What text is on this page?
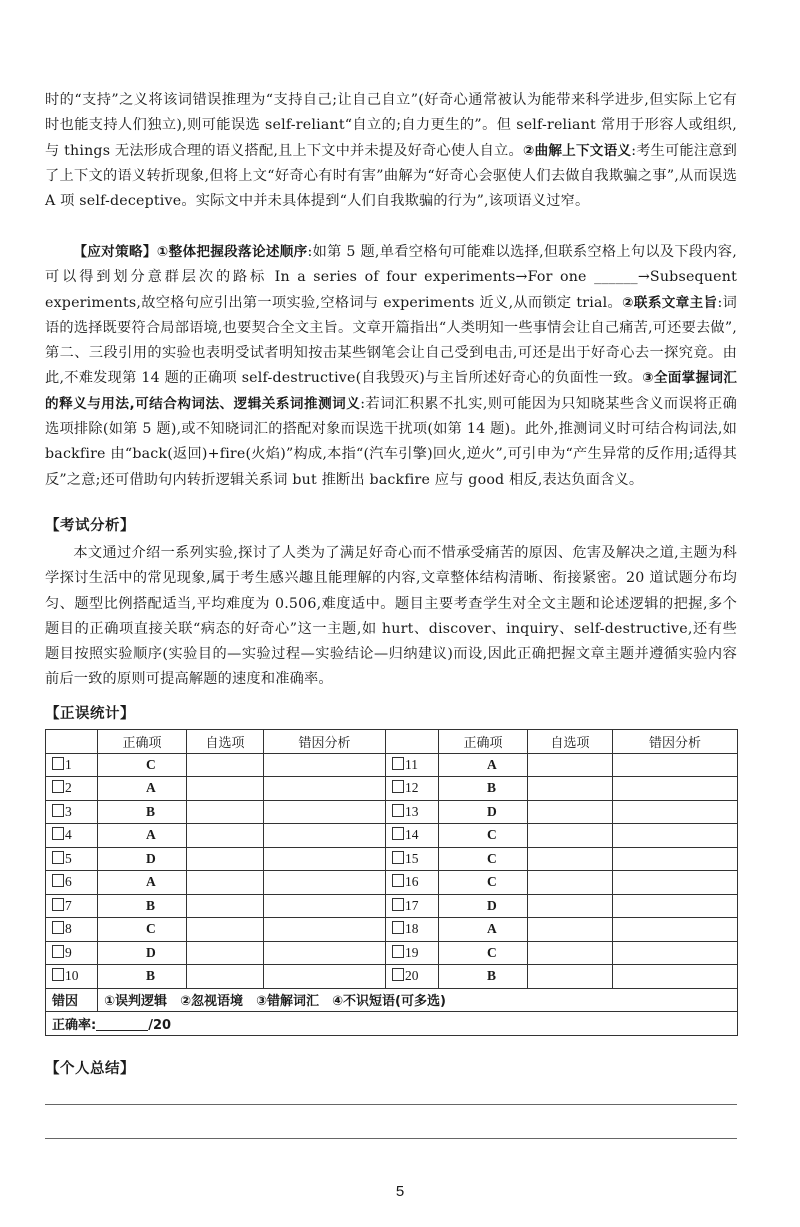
时的“支持”之义将该词错误推理为“支持自己;让自己自立”(好奇心通常被认为能带来科学进步,但实际上它有时也能支持人们独立),则可能误选 self-reliant“自立的;自力更生的”。但 self-reliant 常用于形容人或组织,与 things 无法形成合理的语义搭配,且上下文中并未提及好奇心使人自立。②曲解上下文语义:考生可能注意到了上下文的语义转折现象,但将上文“好奇心有时有害”曲解为“好奇心会驱使人们去做自我欺骗之事”,从而误选 A 项 self-deceptive。实际文中并未具体提到“人们自我欺骗的行为”,该项语义过窄。

【应对策略】①整体把握段落论述顺序:如第 5 题,单看空格句可能难以选择,但联系空格上句以及下段内容,可以得到划分意群层次的路标 In a series of four experiments→For one ______→Subsequent experiments,故空格句应引出第一项实验,空格词与 experiments 近义,从而锁定 trial。②联系文章主旨:词语的选择既要符合局部语境,也要契合全文主旨。文章开篇指出“人类明知一些事情会让自己痛苦,可还要去做”,第二、三段引用的实验也表明受试者明知按击某些钢笔会让自己受到电击,可还是出于好奇心去一探究竟。由此,不难发现第 14 题的正确项 self-destructive(自我毁灭)与主旨所述好奇心的负面性一致。③全面掌握词汇的释义与用法,可结合构词法、逻辑关系词推测词义:若词汇积累不扎实,则可能因为只知晓某些含义而误将正确选项排除(如第 5 题),或不知晓词汇的搭配对象而误选干扰项(如第 14 题)。此外,推测词义时可结合构词法,如 backfire 由“back(返回)+fire(火焰)”构成,本指“(汽车引擎)回火,逆火”,可引申为“产生异常的反作用;适得其反”之意;还可借助句内转折逻辑关系词 but 推断出 backfire 应与 good 相反,表达负面含义。

【考试分析】

本文通过介绍一系列实验,探讨了人类为了满足好奇心而不惜承受痛苦的原因、危害及解决之道,主题为科学探讨生活中的常见现象,属于考生感兴趣且能理解的内容,文章整体结构清晰、衔接紧密。20 道试题分布均匀、题型比例搭配适当,平均难度为 0.506,难度适中。题目主要考查学生对全文主题和论述逻辑的把握,多个题目的正确项直接关联“病态的好奇心”这一主题,如 hurt、discover、inquiry、self-destructive,还有些题目按照实验顺序(实验目的—实验过程—实验结论—归纳建议)而设,因此正确把握文章主题并遵循实验内容前后一致的原则可提高解题的速度和准确率。

【正误统计】
	正确项	自选项	错因分析		正确项	自选项	错因分析
1	C			11	A		
2	A			12	B		
3	B			13	D		
4	A			14	C		
5	D			15	C		
6	A			16	C		
7	B			17	D		
8	C			18	A		
9	D			19	C		
10	B			20	B		
错因	①误判逻辑　②忽视语境　③错解词汇　④不识短语(可多选)						
正确率: /20							
【个人总结】
5
